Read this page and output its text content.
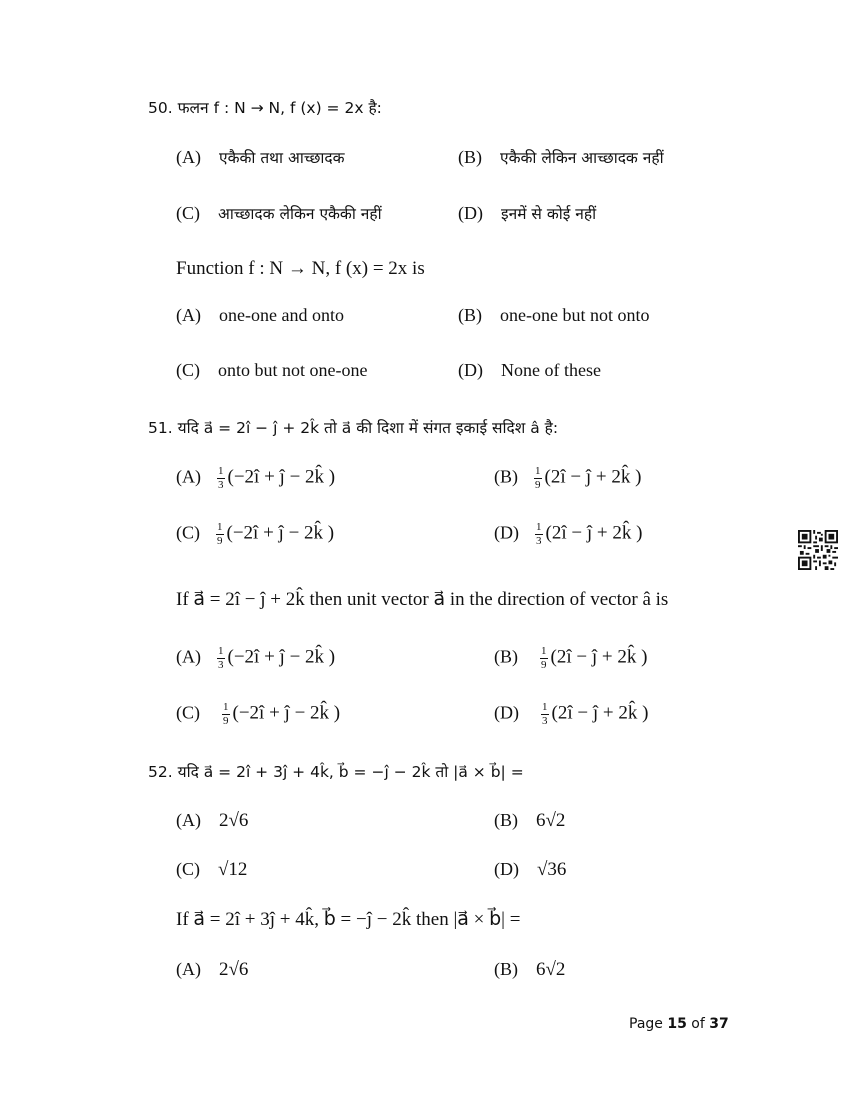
50. फलन f : N → N, f (x) = 2x है:
(A) एकैकी तथा आच्छादक	(B) एकैकी लेकिन आच्छादक नहीं
(C) आच्छादक लेकिन एकैकी नहीं	(D) इनमें से कोई नहीं
Function f : N → N, f (x) = 2x is
(A) one-one and onto	(B) one-one but not onto
(C) onto but not one-one	(D) None of these
51. यदि a⃗ = 2î − ĵ + 2k̂ तो a⃗ की दिशा में संगत इकाई सदिश â है:
$(A) \frac{1}{3}$ (−2î + ĵ − 2k̂ )	$(B) \frac{1}{9}$ (2î − ĵ + 2k̂ )
$(C) \frac{1}{9}$ (−2î + ĵ − 2k̂ )	$(D) \frac{1}{3}$ (2î − ĵ + 2k̂ )
If a⃗ = 2î − ĵ + 2k̂ then unit vector a⃗ in the direction of vector â is
$(A) \frac{1}{3}$ (−2î + ĵ − 2k̂ )	$(B) \frac{1}{9}$ (2î − ĵ + 2k̂ )
$(C) \frac{1}{9}$ (−2î + ĵ − 2k̂ )	$(D) \frac{1}{3}$ (2î − ĵ + 2k̂ )
52. यदि a⃗ = 2î + 3ĵ + 4k̂, b⃗ = −ĵ − 2k̂ तो |a⃗ × b⃗| =
(A) 2√6	(B) 6√2
(C) √12	(D) √36
If a⃗ = 2î + 3ĵ + 4k̂, b⃗ = −ĵ − 2k̂ then |a⃗ × b⃗| =
(A) 2√6	(B) 6√2
Page 15 of 37
